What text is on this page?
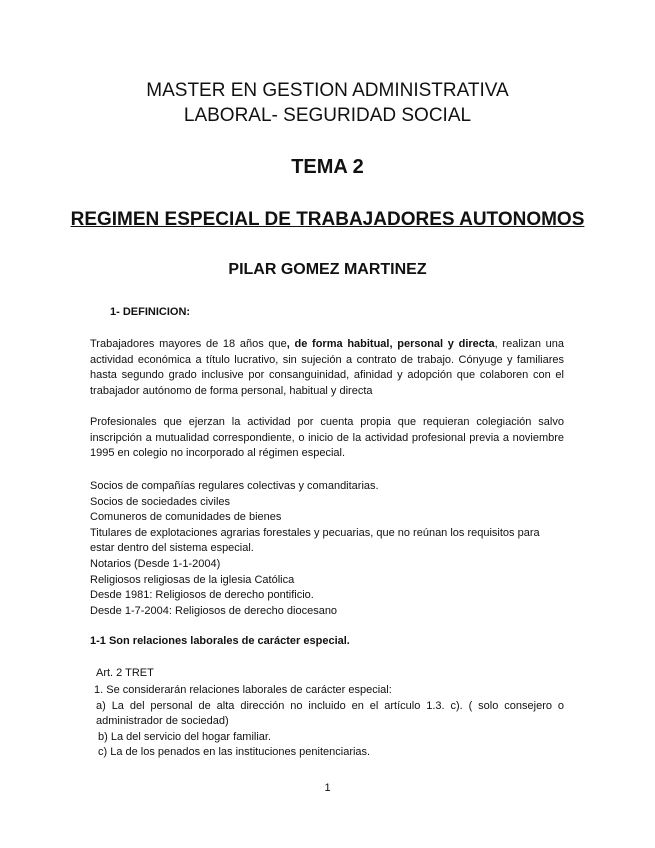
MASTER EN GESTION ADMINISTRATIVA
LABORAL- SEGURIDAD SOCIAL
TEMA 2
REGIMEN ESPECIAL DE TRABAJADORES AUTONOMOS
PILAR GOMEZ MARTINEZ
1- DEFINICION:
Trabajadores mayores de 18 años que, de forma habitual, personal y directa, realizan una actividad económica a título lucrativo, sin sujeción a contrato de trabajo. Cónyuge y familiares hasta segundo grado inclusive por consanguinidad, afinidad y adopción que colaboren con el trabajador autónomo de forma personal, habitual y directa
Profesionales que ejerzan la actividad por cuenta propia que requieran colegiación salvo inscripción a mutualidad correspondiente, o inicio de la actividad profesional previa a noviembre 1995 en colegio no incorporado al régimen especial.
Socios de compañías regulares colectivas y comanditarias.
Socios de sociedades civiles
Comuneros de comunidades de bienes
Titulares de explotaciones agrarias forestales y pecuarias, que no reúnan los requisitos para estar dentro del sistema especial.
Notarios (Desde 1-1-2004)
Religiosos religiosas de la iglesia Católica
Desde 1981: Religiosos de derecho pontificio.
Desde 1-7-2004: Religiosos de derecho diocesano
1-1 Son relaciones laborales de carácter especial.
Art. 2 TRET
1. Se considerarán relaciones laborales de carácter especial:
a) La del personal de alta dirección no incluido en el artículo 1.3. c). ( solo consejero o administrador de sociedad)
b) La del servicio del hogar familiar.
c) La de los penados en las instituciones penitenciarias.
1
